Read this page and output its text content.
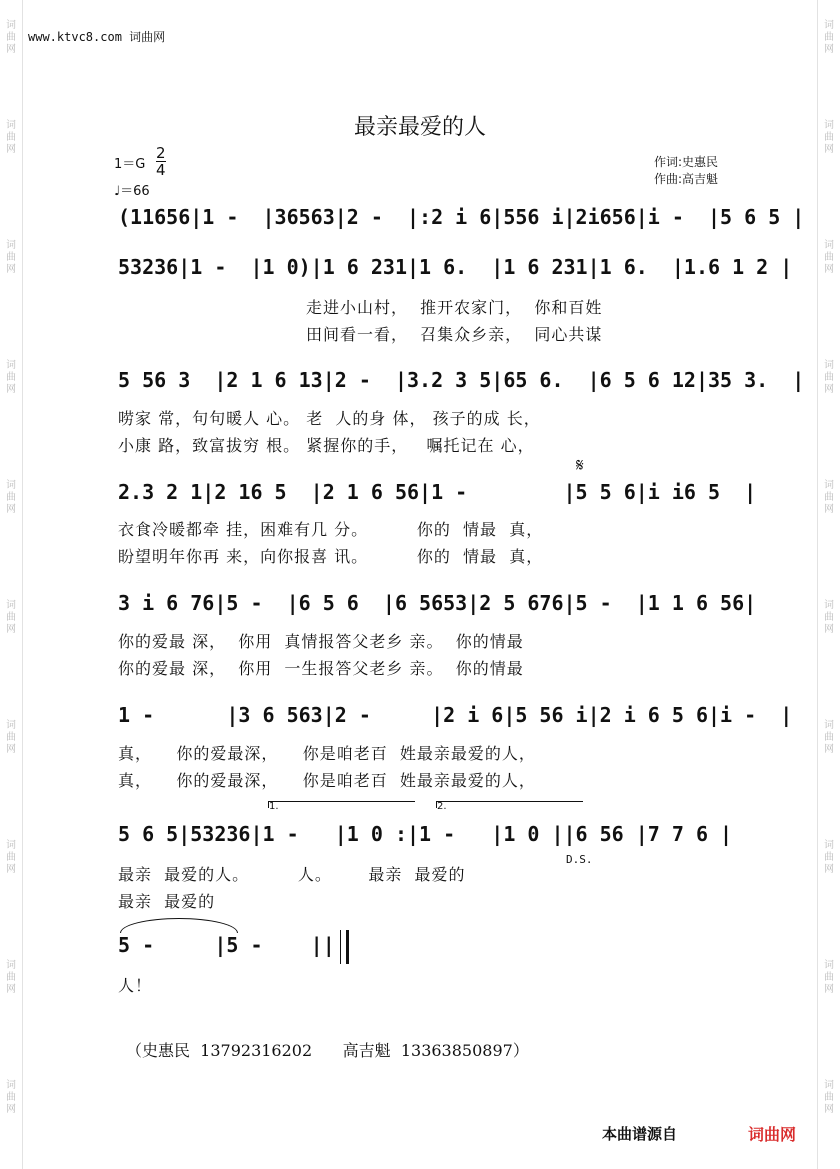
词曲网
词曲网
词曲网
词曲网
词曲网
词曲网
词曲网
词曲网
词曲网
词曲网
词曲网
词曲网
词曲网
词曲网
词曲网
词曲网
词曲网
词曲网
词曲网
词曲网
www.ktvc8.com 词曲网
最亲最爱的人
$1=G \frac{2}{4}$
♩＝66
作词:史惠民
作曲:高吉魁
(11656|1 -  |36563|2 -  |:2 i 6|556 i|2i656|i -  |5 6 5 |
53236|1 -  |1 0)|1 6 231|1 6.  |1 6 231|1 6.  |1.6 1 2 |
走进小山村，  推开农家门，  你和百姓
田间看一看，  召集众乡亲，  同心共谋
5 56 3  |2 1 6 13|2 -  |3.2 3 5|65 6.  |6 5 6 12|35 3.  |
唠家 常，句句暖人 心。 老  人的身 体， 孩子的成 长，
小康 路，致富拔穷 根。 紧握你的手，   嘱托记在 心，
𝄋
2.3 2 1|2 16 5  |2 1 6 56|1 -        |5 5 6|i i6 5  |
衣食冷暖都牵 挂，困难有几 分。        你的  情最  真，
盼望明年你再 来，向你报喜 讯。        你的  情最  真，
3 i 6 76|5 -  |6 5 6  |6 5653|2 5 676|5 -  |1 1 6 56|
你的爱最 深，  你用  真情报答父老乡 亲。  你的情最
你的爱最 深，  你用  一生报答父老乡 亲。  你的情最
1 -      |3 6 563|2 -     |2 i 6|5 56 i|2 i 6 5 6|i -  |
真，    你的爱最深，    你是咱老百  姓最亲最爱的人，
真，    你的爱最深，    你是咱老百  姓最亲最爱的人，
1.	2.
5 6 5|53236|1 -   |1 0 :|1 -   |1 0 ||6 56 |7 7 6 |
D.S.
最亲  最爱的人。        人。      最亲  最爱的
最亲  最爱的
5 -     |5 -    ||
人！
（史惠民  13792316202      高吉魁  13363850897）
本曲谱源自	词曲网
